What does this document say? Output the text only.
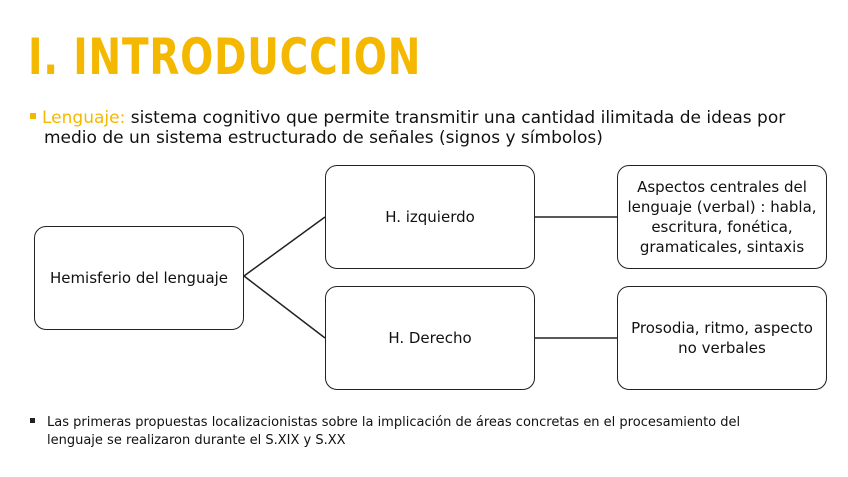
I. INTRODUCCION
Lenguaje: sistema cognitivo que permite transmitir una cantidad ilimitada de ideas por
medio de un sistema estructurado de señales (signos y símbolos)
Hemisferio del lenguaje
H. izquierdo
H. Derecho
Aspectos centrales del lenguaje (verbal) : habla, escritura, fonética, gramaticales, sintaxis
Prosodia, ritmo, aspecto no verbales
Las primeras propuestas localizacionistas sobre la implicación de áreas concretas en el procesamiento del
lenguaje se realizaron durante el S.XIX y S.XX
